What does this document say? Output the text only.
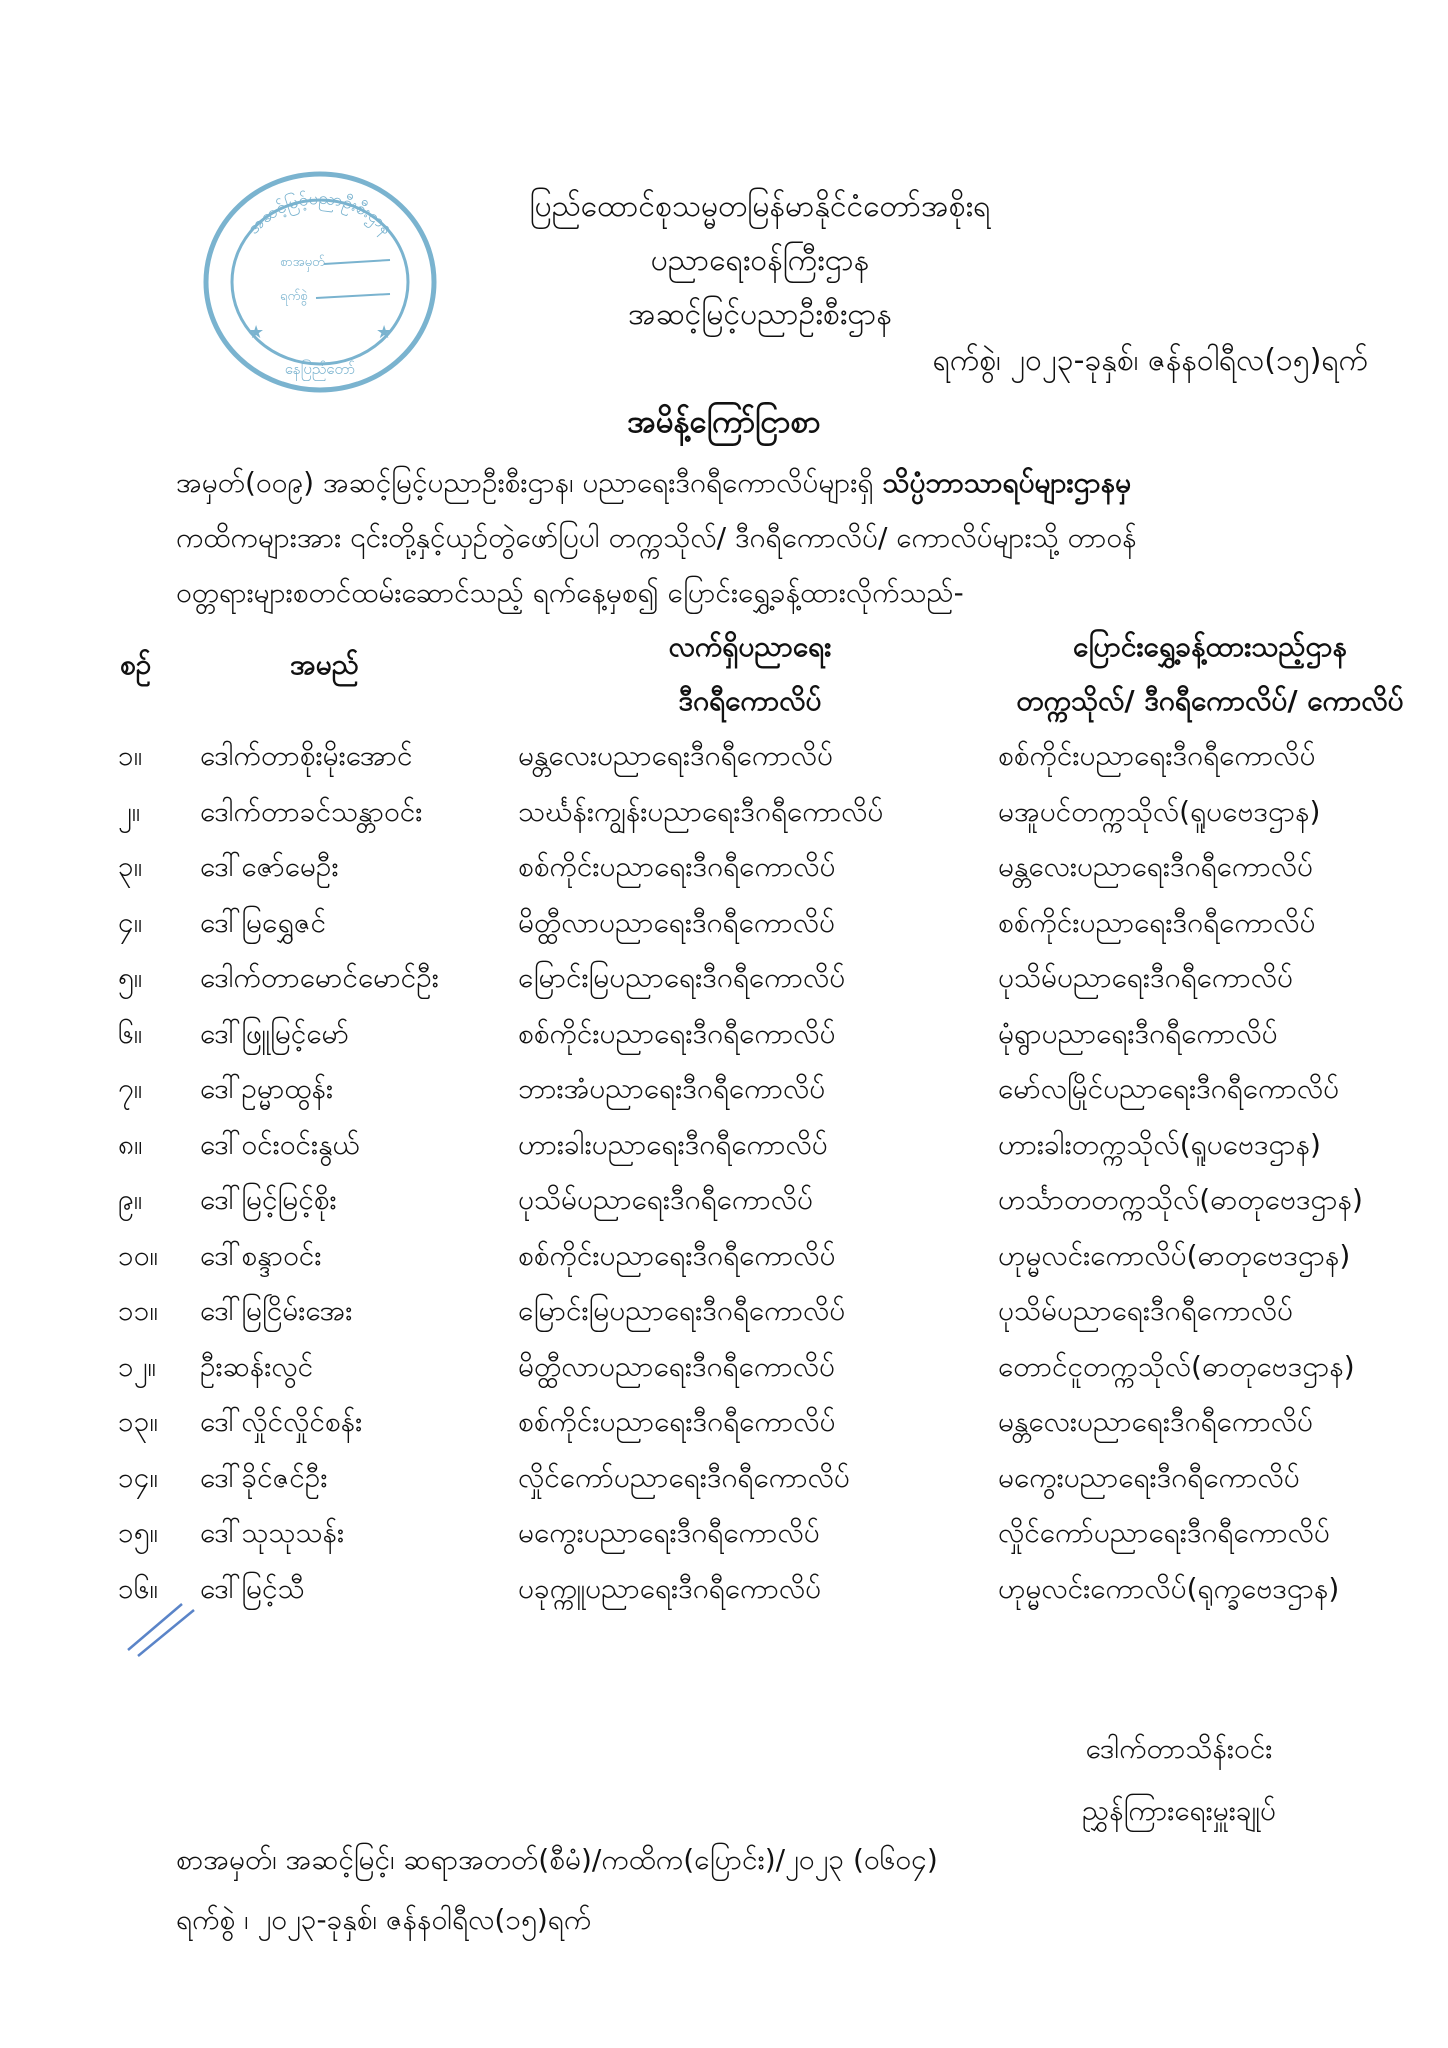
အဆင့်မြင့်ပညာဦးစီးဌာန
စာအမှတ်
ရက်စွဲ
★	★
နေပြည်တော်
ပြည်ထောင်စုသမ္မတမြန်မာနိုင်ငံတော်အစိုးရ
ပညာရေးဝန်ကြီးဌာန
အဆင့်မြင့်ပညာဦးစီးဌာန
ရက်စွဲ၊ ၂၀၂၃-ခုနှစ်၊ ဇန်နဝါရီလ(၁၅)ရက်
အမိန့်ကြော်ငြာစာ
အမှတ်(၀၀၉) အဆင့်မြင့်ပညာဦးစီးဌာန၊ ပညာရေးဒီဂရီကောလိပ်များရှိ သိပ္ပံဘာသာရပ်များဌာနမှ
ကထိကများအား ၎င်းတို့နှင့်ယှဉ်တွဲဖော်ပြပါ တက္ကသိုလ်/ ဒီဂရီကောလိပ်/ ကောလိပ်များသို့ တာဝန်
ဝတ္တရားများစတင်ထမ်းဆောင်သည့် ရက်နေ့မှစ၍ ပြောင်းရွှေ့ခန့်ထားလိုက်သည်-
စဉ်	အမည်
လက်ရှိပညာရေး
ဒီဂရီကောလိပ်
ပြောင်းရွှေ့ခန့်ထားသည့်ဌာန
တက္ကသိုလ်/ ဒီဂရီကောလိပ်/ ကောလိပ်
၁။	ဒေါက်တာစိုးမိုးအောင်	မန္တလေးပညာရေးဒီဂရီကောလိပ်	စစ်ကိုင်းပညာရေးဒီဂရီကောလိပ်
၂။	ဒေါက်တာခင်သန္တာဝင်း	သင်္ဃန်းကျွန်းပညာရေးဒီဂရီကောလိပ်	မအူပင်တက္ကသိုလ်(ရူပဗေဒဌာန)
၃။	ဒေါ်ဇော်မေဦး	စစ်ကိုင်းပညာရေးဒီဂရီကောလိပ်	မန္တလေးပညာရေးဒီဂရီကောလိပ်
၄။	ဒေါ်မြရွှေဇင်	မိတ္ထီလာပညာရေးဒီဂရီကောလိပ်	စစ်ကိုင်းပညာရေးဒီဂရီကောလိပ်
၅။	ဒေါက်တာမောင်မောင်ဦး	မြောင်းမြပညာရေးဒီဂရီကောလိပ်	ပုသိမ်ပညာရေးဒီဂရီကောလိပ်
၆။	ဒေါ်ဖြူမြင့်မော်	စစ်ကိုင်းပညာရေးဒီဂရီကောလိပ်	မုံရွာပညာရေးဒီဂရီကောလိပ်
၇။	ဒေါ်ဥမ္မာထွန်း	ဘားအံပညာရေးဒီဂရီကောလိပ်	မော်လမြိုင်ပညာရေးဒီဂရီကောလိပ်
၈။	ဒေါ်ဝင်းဝင်းနွယ်	ဟားခါးပညာရေးဒီဂရီကောလိပ်	ဟားခါးတက္ကသိုလ်(ရူပဗေဒဌာန)
၉။	ဒေါ်မြင့်မြင့်စိုး	ပုသိမ်ပညာရေးဒီဂရီကောလိပ်	ဟင်္သာတတက္ကသိုလ်(ဓာတုဗေဒဌာန)
၁၀။	ဒေါ်စန္ဒာဝင်း	စစ်ကိုင်းပညာရေးဒီဂရီကောလိပ်	ဟုမ္မလင်းကောလိပ်(ဓာတုဗေဒဌာန)
၁၁။	ဒေါ်မြငြိမ်းအေး	မြောင်းမြပညာရေးဒီဂရီကောလိပ်	ပုသိမ်ပညာရေးဒီဂရီကောလိပ်
၁၂။	ဦးဆန်းလွင်	မိတ္ထီလာပညာရေးဒီဂရီကောလိပ်	တောင်ငူတက္ကသိုလ်(ဓာတုဗေဒဌာန)
၁၃။	ဒေါ်လှိုင်လှိုင်စန်း	စစ်ကိုင်းပညာရေးဒီဂရီကောလိပ်	မန္တလေးပညာရေးဒီဂရီကောလိပ်
၁၄။	ဒေါ်ခိုင်ဇင်ဦး	လှိုင်ကော်ပညာရေးဒီဂရီကောလိပ်	မကွေးပညာရေးဒီဂရီကောလိပ်
၁၅။	ဒေါ်သုသုသန်း	မကွေးပညာရေးဒီဂရီကောလိပ်	လှိုင်ကော်ပညာရေးဒီဂရီကောလိပ်
၁၆။	ဒေါ်မြင့်သီ	ပခုက္ကူပညာရေးဒီဂရီကောလိပ်	ဟုမ္မလင်းကောလိပ်(ရုက္ခဗေဒဌာန)
ဒေါက်တာသိန်းဝင်း
ညွှန်ကြားရေးမှူးချုပ်
စာအမှတ်၊ အဆင့်မြင့်၊ ဆရာအတတ်(စီမံ)/ကထိက(ပြောင်း)/၂၀၂၃ (၀၆၀၄)
ရက်စွဲ ၊ ၂၀၂၃-ခုနှစ်၊ ဇန်နဝါရီလ(၁၅)ရက်
